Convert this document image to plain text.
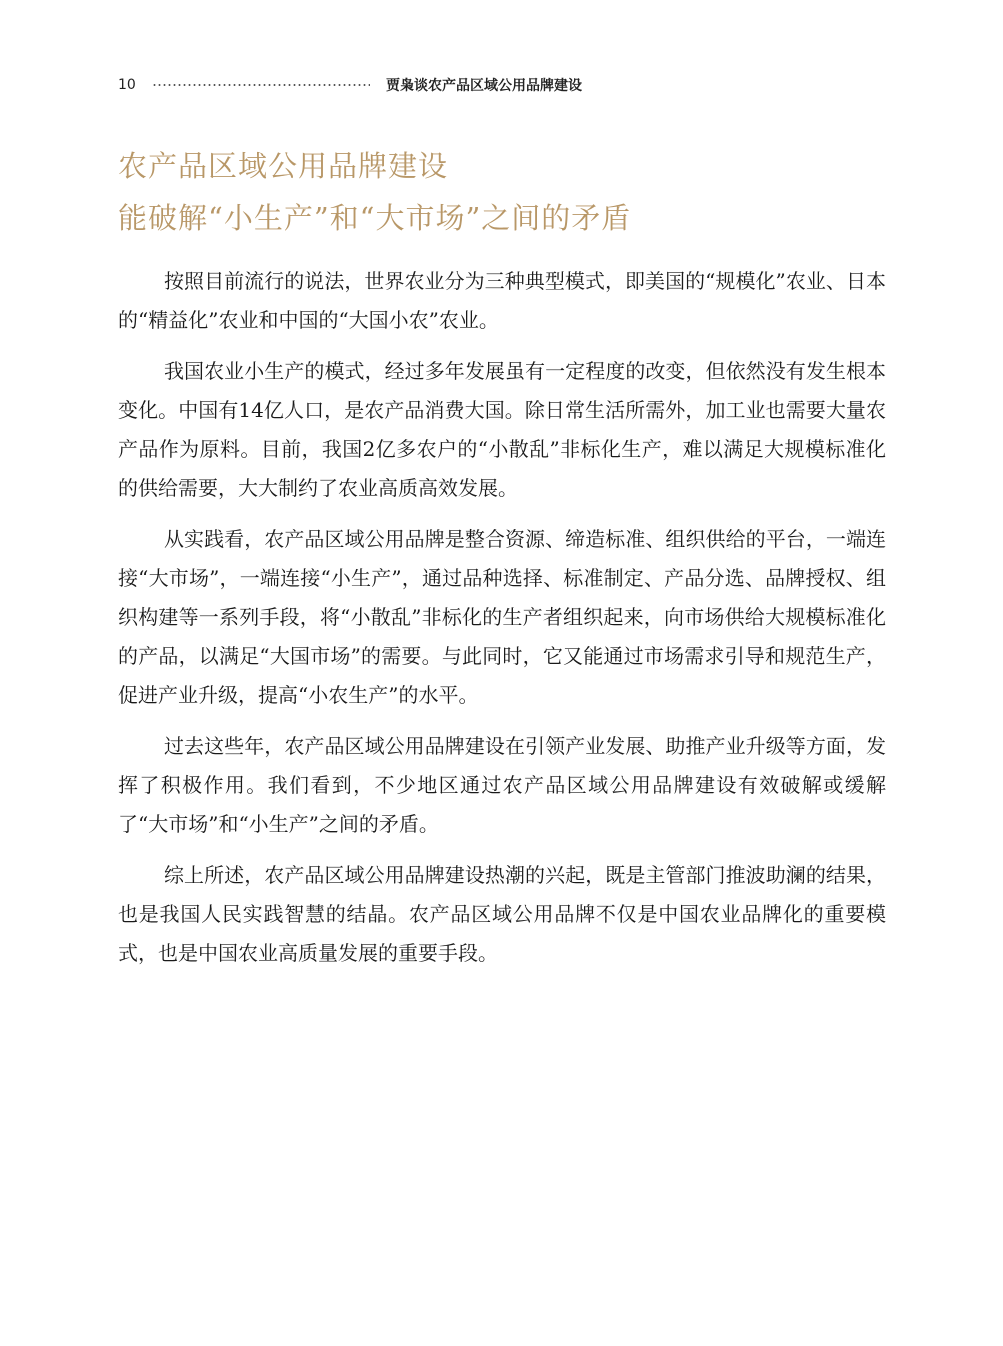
10	贾枭谈农产品区域公用品牌建设
农产品区域公用品牌建设
能破解“小生产”和“大市场”之间的矛盾

按照目前流行的说法，世界农业分为三种典型模式，即美国的“规模化”农业、日本的“精益化”农业和中国的“大国小农”农业。

我国农业小生产的模式，经过多年发展虽有一定程度的改变，但依然没有发生根本变化。中国有14亿人口，是农产品消费大国。除日常生活所需外，加工业也需要大量农产品作为原料。目前，我国2亿多农户的“小散乱”非标化生产，难以满足大规模标准化的供给需要，大大制约了农业高质高效发展。

从实践看，农产品区域公用品牌是整合资源、缔造标准、组织供给的平台，一端连接“大市场”，一端连接“小生产”，通过品种选择、标准制定、产品分选、品牌授权、组织构建等一系列手段，将“小散乱”非标化的生产者组织起来，向市场供给大规模标准化的产品，以满足“大国市场”的需要。与此同时，它又能通过市场需求引导和规范生产，促进产业升级，提高“小农生产”的水平。

过去这些年，农产品区域公用品牌建设在引领产业发展、助推产业升级等方面，发挥了积极作用。我们看到，不少地区通过农产品区域公用品牌建设有效破解或缓解了“大市场”和“小生产”之间的矛盾。

综上所述，农产品区域公用品牌建设热潮的兴起，既是主管部门推波助澜的结果，也是我国人民实践智慧的结晶。农产品区域公用品牌不仅是中国农业品牌化的重要模式，也是中国农业高质量发展的重要手段。
